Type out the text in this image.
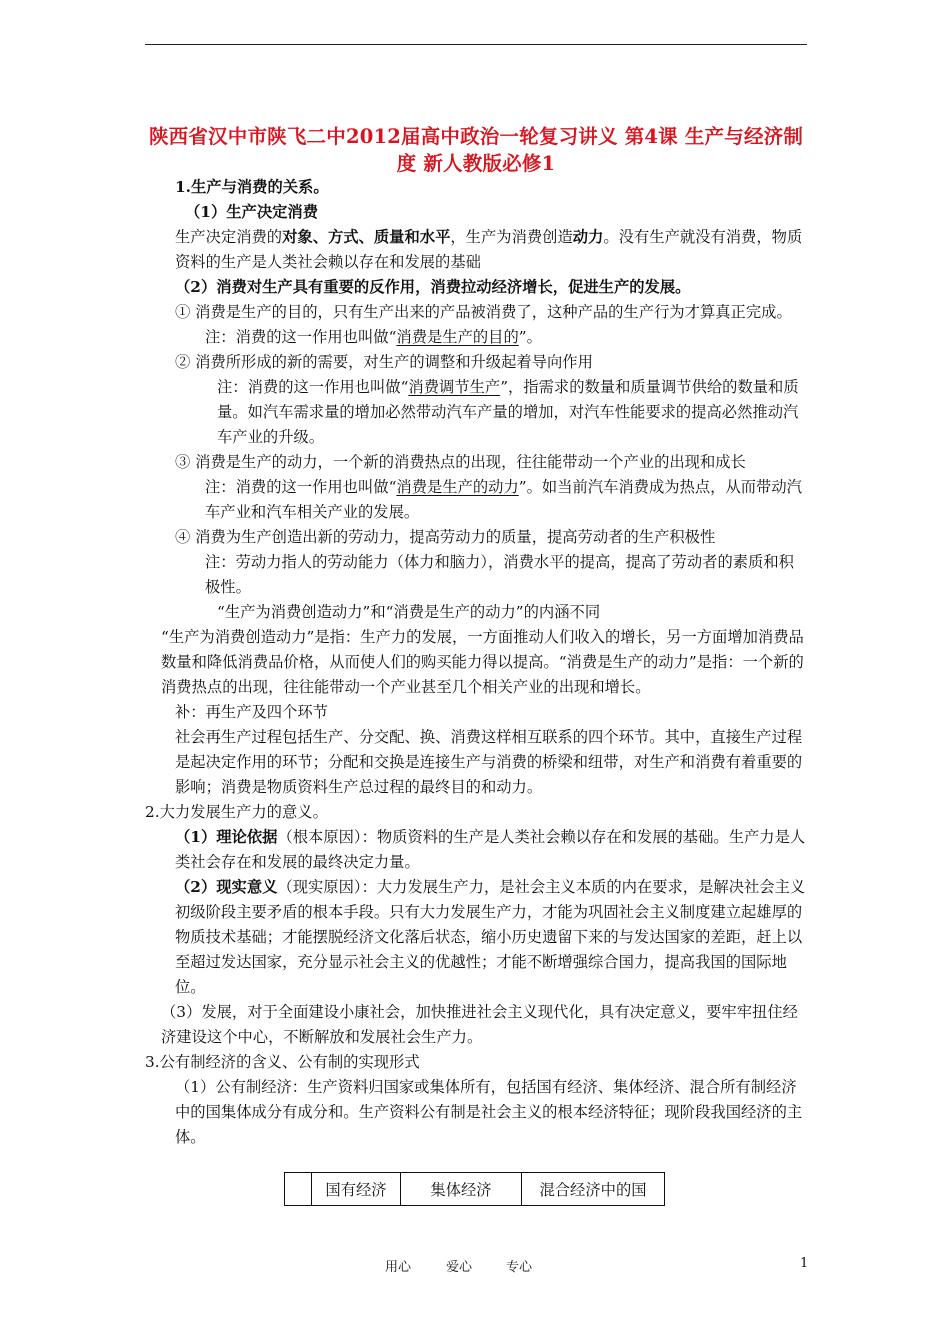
陕西省汉中市陕飞二中2012届高中政治一轮复习讲义 第4课 生产与经济制度 新人教版必修1

1.生产与消费的关系。

（1）生产决定消费

生产决定消费的对象、方式、质量和水平，生产为消费创造动力。没有生产就没有消费，物质资料的生产是人类社会赖以存在和发展的基础

（2）消费对生产具有重要的反作用，消费拉动经济增长，促进生产的发展。

① 消费是生产的目的，只有生产出来的产品被消费了，这种产品的生产行为才算真正完成。

注：消费的这一作用也叫做“消费是生产的目的”。

② 消费所形成的新的需要，对生产的调整和升级起着导向作用

注：消费的这一作用也叫做“消费调节生产”，指需求的数量和质量调节供给的数量和质量。如汽车需求量的增加必然带动汽车产量的增加，对汽车性能要求的提高必然推动汽车产业的升级。

③ 消费是生产的动力，一个新的消费热点的出现，往往能带动一个产业的出现和成长

注：消费的这一作用也叫做“消费是生产的动力”。如当前汽车消费成为热点，从而带动汽车产业和汽车相关产业的发展。

④ 消费为生产创造出新的劳动力，提高劳动力的质量，提高劳动者的生产积极性

注：劳动力指人的劳动能力（体力和脑力），消费水平的提高，提高了劳动者的素质和积极性。

“生产为消费创造动力”和“消费是生产的动力”的内涵不同

“生产为消费创造动力”是指：生产力的发展，一方面推动人们收入的增长，另一方面增加消费品数量和降低消费品价格，从而使人们的购买能力得以提高。“消费是生产的动力”是指：一个新的消费热点的出现，往往能带动一个产业甚至几个相关产业的出现和增长。

补：再生产及四个环节

社会再生产过程包括生产、分交配、换、消费这样相互联系的四个环节。其中，直接生产过程是起决定作用的环节；分配和交换是连接生产与消费的桥梁和纽带，对生产和消费有着重要的影响；消费是物质资料生产总过程的最终目的和动力。

2.大力发展生产力的意义。

（1）理论依据（根本原因）：物质资料的生产是人类社会赖以存在和发展的基础。生产力是人类社会存在和发展的最终决定力量。

（2）现实意义（现实原因）：大力发展生产力，是社会主义本质的内在要求，是解决社会主义初级阶段主要矛盾的根本手段。只有大力发展生产力，才能为巩固社会主义制度建立起雄厚的物质技术基础；才能摆脱经济文化落后状态，缩小历史遗留下来的与发达国家的差距，赶上以至超过发达国家，充分显示社会主义的优越性；才能不断增强综合国力，提高我国的国际地位。

（3）发展，对于全面建设小康社会，加快推进社会主义现代化，具有决定意义，要牢牢扭住经济建设这个中心，不断解放和发展社会生产力。

3.公有制经济的含义、公有制的实现形式

（1）公有制经济：生产资料归国家或集体所有，包括国有经济、集体经济、混合所有制经济中的国集体成分有成分和。生产资料公有制是社会主义的根本经济特征；现阶段我国经济的主体。

	国有经济	集体经济	混合经济中的国
用心	爱心	专心	1
